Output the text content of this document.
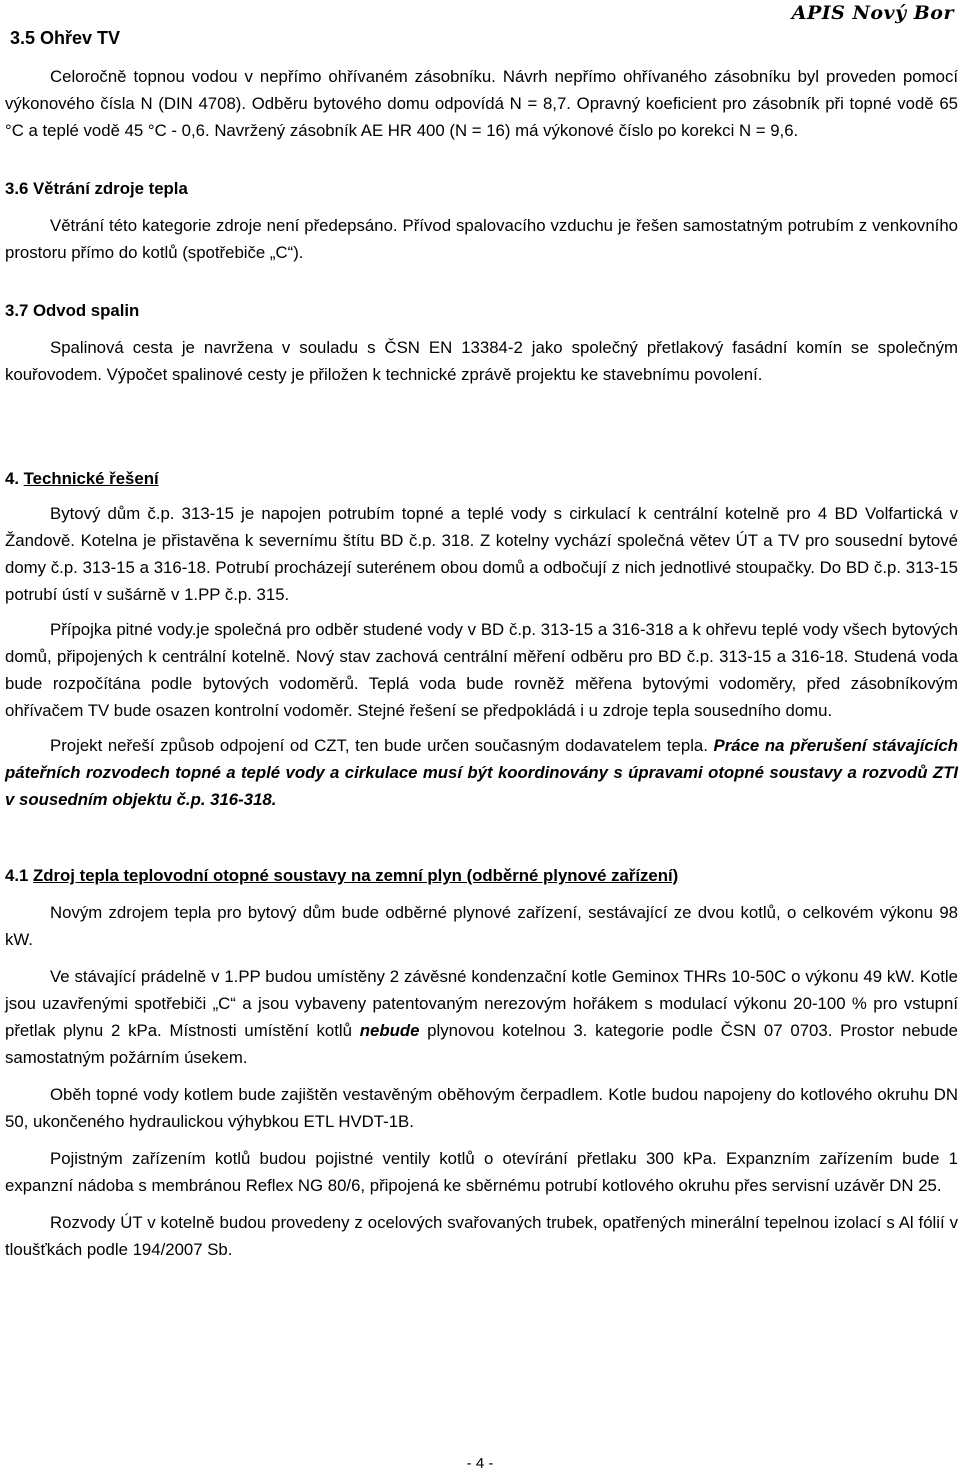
3.5 Ohřev TV
APIS Nový Bor

Celoročně topnou vodou v nepřímo ohřívaném zásobníku. Návrh nepřímo ohřívaného zásobníku byl proveden pomocí výkonového čísla N (DIN 4708). Odběru bytového domu odpovídá N = 8,7. Opravný koeficient pro zásobník při topné vodě 65 °C a teplé vodě 45 °C - 0,6. Navržený zásobník AE HR 400 (N = 16) má výkonové číslo po korekci N = 9,6.

3.6 Větrání zdroje tepla

Větrání této kategorie zdroje není předepsáno. Přívod spalovacího vzduchu je řešen samostatným potrubím z venkovního prostoru přímo do kotlů (spotřebiče „C“).

3.7 Odvod spalin

Spalinová cesta je navržena v souladu s ČSN EN 13384-2 jako společný přetlakový fasádní komín se společným kouřovodem. Výpočet spalinové cesty je přiložen k technické zprávě projektu ke stavebnímu povolení.

4. Technické řešení

Bytový dům č.p. 313-15 je napojen potrubím topné a teplé vody s cirkulací k centrální kotelně pro 4 BD Volfartická v Žandově. Kotelna je přistavěna k severnímu štítu BD č.p. 318. Z kotelny vychází společná větev ÚT a TV pro sousední bytové domy č.p. 313-15 a 316-18. Potrubí procházejí suterénem obou domů a odbočují z nich jednotlivé stoupačky. Do BD č.p. 313-15 potrubí ústí v sušárně v 1.PP č.p. 315.

Přípojka pitné vody.je společná pro odběr studené vody v BD č.p. 313-15 a 316-318 a k ohřevu teplé vody všech bytových domů, připojených k centrální kotelně. Nový stav zachová centrální měření odběru pro BD č.p. 313-15 a 316-18. Studená voda bude rozpočítána podle bytových vodoměrů. Teplá voda bude rovněž měřena bytovými vodoměry, před zásobníkovým ohřívačem TV bude osazen kontrolní vodoměr. Stejné řešení se předpokládá i u zdroje tepla sousedního domu.

Projekt neřeší způsob odpojení od CZT, ten bude určen současným dodavatelem tepla. Práce na přerušení stávajících páteřních rozvodech topné a teplé vody a cirkulace musí být koordinovány s úpravami otopné soustavy a rozvodů ZTI v sousedním objektu č.p. 316-318.

4.1 Zdroj tepla teplovodní otopné soustavy na zemní plyn (odběrné plynové zařízení)

Novým zdrojem tepla pro bytový dům bude odběrné plynové zařízení, sestávající ze dvou kotlů, o celkovém výkonu 98 kW.

Ve stávající prádelně v 1.PP budou umístěny 2 závěsné kondenzační kotle Geminox THRs 10-50C o výkonu 49 kW. Kotle jsou uzavřenými spotřebiči „C“ a jsou vybaveny patentovaným nerezovým hořákem s modulací výkonu 20-100 % pro vstupní přetlak plynu 2 kPa. Místnosti umístění kotlů nebude plynovou kotelnou 3. kategorie podle ČSN 07 0703. Prostor nebude samostatným požárním úsekem.

Oběh topné vody kotlem bude zajištěn vestavěným oběhovým čerpadlem. Kotle budou napojeny do kotlového okruhu DN 50, ukončeného hydraulickou výhybkou ETL HVDT-1B.

Pojistným zařízením kotlů budou pojistné ventily kotlů o otevírání přetlaku 300 kPa. Expanzním zařízením bude 1 expanzní nádoba s membránou Reflex NG 80/6, připojená ke sběrnému potrubí kotlového okruhu přes servisní uzávěr DN 25.

Rozvody ÚT v kotelně budou provedeny z ocelových svařovaných trubek, opatřených minerální tepelnou izolací s Al fólií v tloušťkách podle 194/2007 Sb.

- 4 -
